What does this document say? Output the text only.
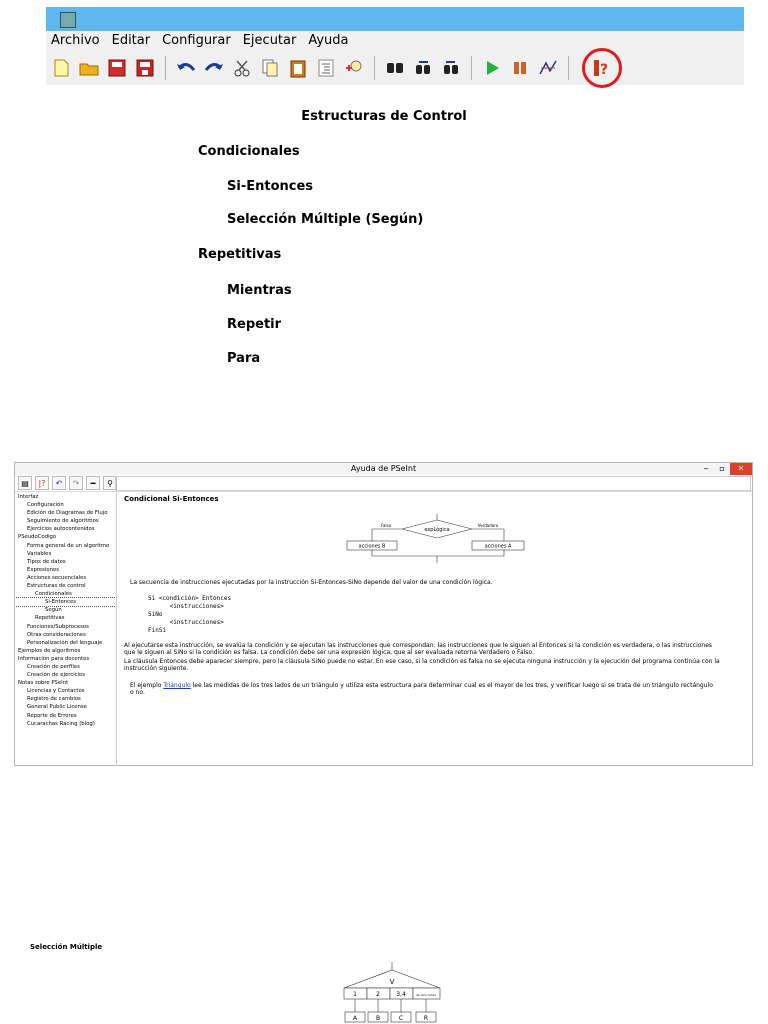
Archivo Editar Configurar Ejecutar Ayuda
?
Estructuras de Control
Condicionales
Si-Entonces
Selección Múltiple (Según)
Repetitivas
Mientras
Repetir
Para
Ayuda de PSeInt	‒	▫	✕
▤	|?	↶	↷	━	⚲
Interfaz
Configuración
Edición de Diagramas de Flujo
Seguimiento de algoritmos
Ejercicios autocontenidos
PSeudoCódigo
Forma general de un algoritmo
Variables
Tipos de datos
Expresiones
Acciones secuenciales
Estructuras de control
Condicionales
Si-Entonces
Según
Repetitivas
Funciones/Subprocesos
Otras consideraciones
Personalización del lenguaje
Ejemplos de algoritmos
Información para docentes
Creación de perfiles
Creación de ejercicios
Notas sobre PSeInt
Licencias y Contactos
Registro de cambios
General Public License
Reporte de Errores
Cucarachas Racing (blog)
Condicional Si-Entonces
expLógica
Falso	Verdadero
acciones B	acciones A
La secuencia de instrucciones ejecutadas por la instrucción Si-Entonces-SiNo depende del valor de una condición lógica.
Si <condición> Entonces
<instrucciones>
SiNo
<instrucciones>
FinSi
Al ejecutarse esta instrucción, se evalúa la condición y se ejecutan las instrucciones que correspondan: las instrucciones que le siguen al Entonces si la condición es verdadera, o las instrucciones que le siguen al SiNo si la condición es falsa. La condición debe ser una expresión lógica, que al ser evaluada retorna Verdadero o Falso.
La cláusula Entonces debe aparecer siempre, pero la cláusula SiNo puede no estar. En ese caso, si la condición es falsa no se ejecuta ninguna instrucción y la ejecución del programa continúa con la instrucción siguiente.
El ejemplo Triángulo lee las medidas de los tres lados de un triángulo y utiliza esta estructura para determinar cual es el mayor de los tres, y verificar luego si se trata de un triángulo rectángulo o no.
Selección Múltiple
V
1	2	3,4	de otro modo
A	B	C	R
